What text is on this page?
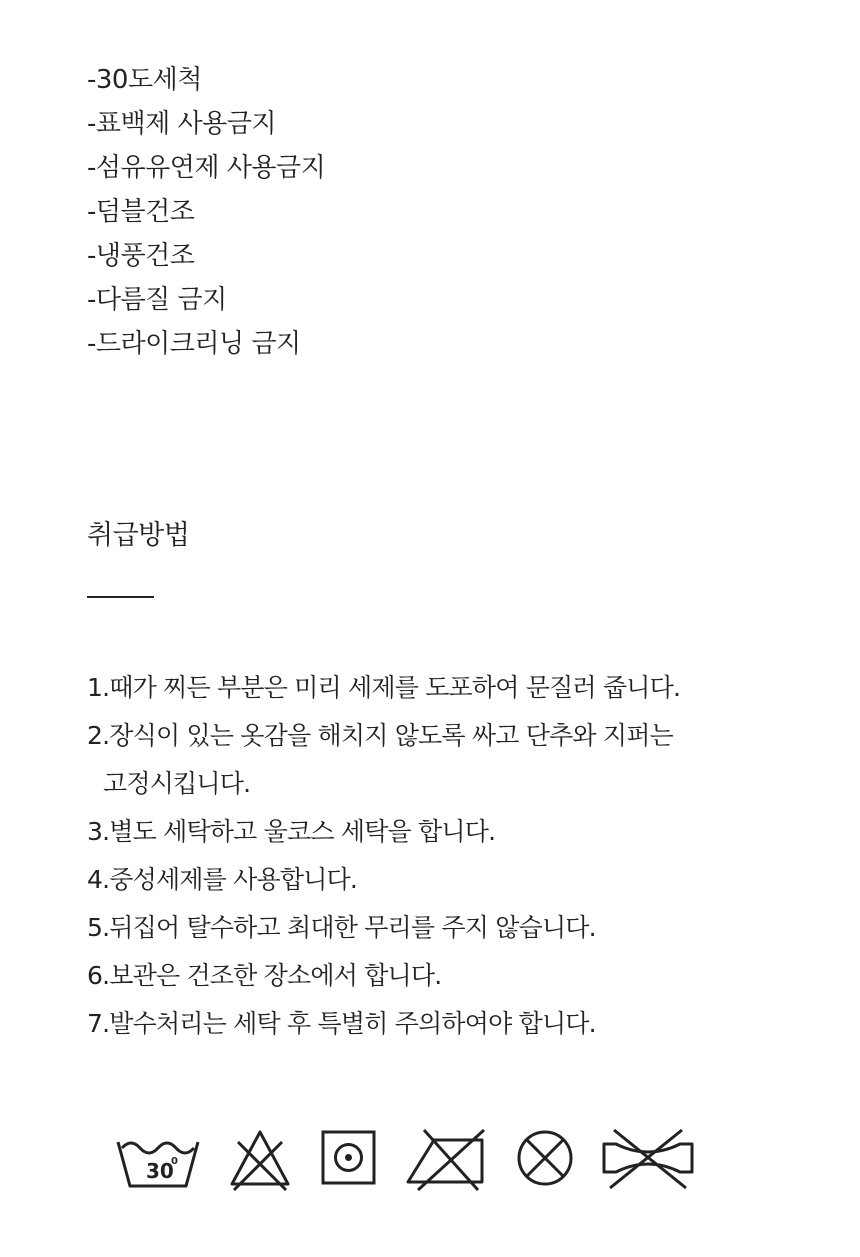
-30도세척
-표백제 사용금지
-섬유유연제 사용금지
-덤블건조
-냉풍건조
-다름질 금지
-드라이크리닝 금지
취급방법
1.때가 찌든 부분은 미리 세제를 도포하여 문질러 줍니다.
2.장식이 있는 옷감을 해치지 않도록 싸고 단추와 지퍼는
고정시킵니다.
3.별도 세탁하고 울코스 세탁을 합니다.
4.중성세제를 사용합니다.
5.뒤집어 탈수하고 최대한 무리를 주지 않습니다.
6.보관은 건조한 장소에서 합니다.
7.발수처리는 세탁 후 특별히 주의하여야 합니다.
30
0
